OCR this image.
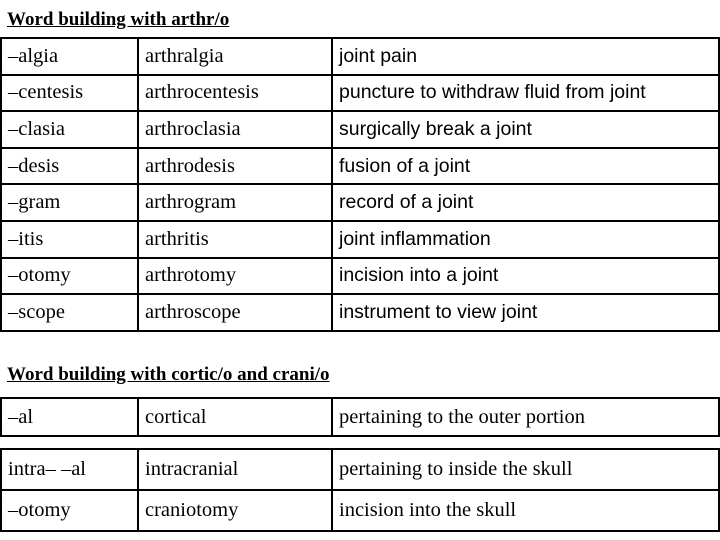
Word building with arthr/o
–algia	arthralgia	joint pain
–centesis	arthrocentesis	puncture to withdraw fluid from joint
–clasia	arthroclasia	surgically break a joint
–desis	arthrodesis	fusion of a joint
–gram	arthrogram	record of a joint
–itis	arthritis	joint inflammation
–otomy	arthrotomy	incision into a joint
–scope	arthroscope	instrument to view joint
Word building with cortic/o and crani/o
–al	cortical	pertaining to the outer portion
intra– –al	intracranial	pertaining to inside the skull
–otomy	craniotomy	incision into the skull
